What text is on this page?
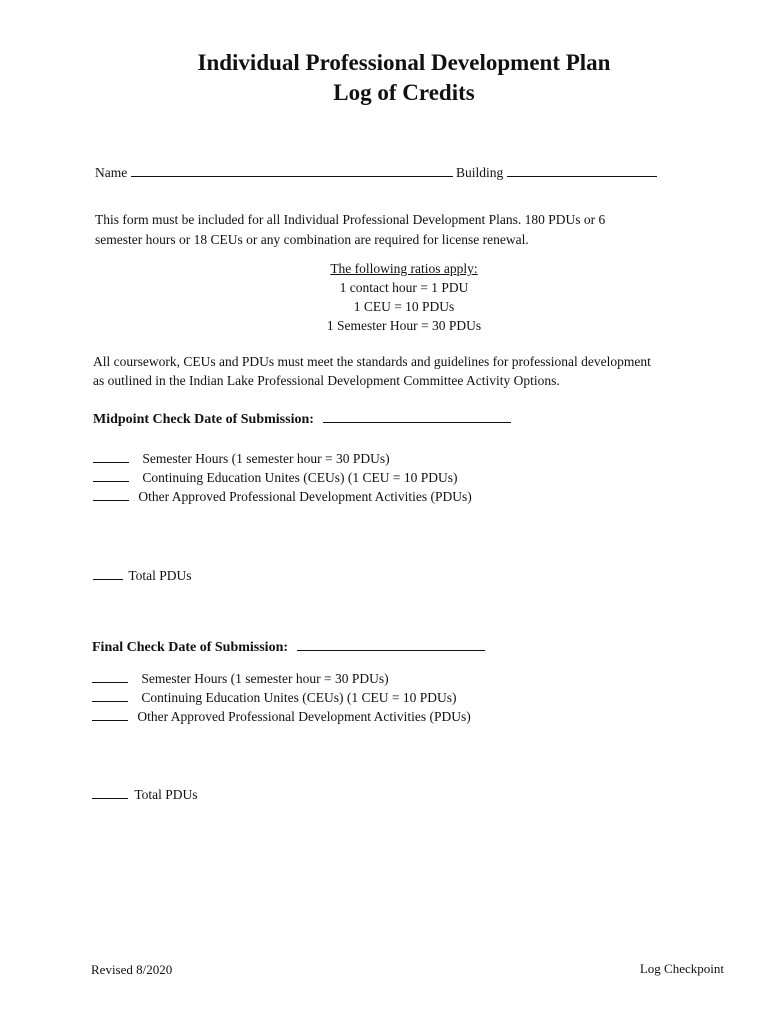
Individual Professional Development Plan
Log of Credits
Name	Building
This form must be included for all Individual Professional Development Plans. 180 PDUs or 6
semester hours or 18 CEUs or any combination are required for license renewal.
The following ratios apply:
1 contact hour = 1 PDU
1 CEU = 10 PDUs
1 Semester Hour = 30 PDUs
All coursework, CEUs and PDUs must meet the standards and guidelines for professional development
as outlined in the Indian Lake Professional Development Committee Activity Options.
Midpoint Check Date of Submission:
Semester Hours (1 semester hour = 30 PDUs)
Continuing Education Unites (CEUs) (1 CEU = 10 PDUs)
Other Approved Professional Development Activities (PDUs)
Total PDUs
Final Check Date of Submission:
Semester Hours (1 semester hour = 30 PDUs)
Continuing Education Unites (CEUs) (1 CEU = 10 PDUs)
Other Approved Professional Development Activities (PDUs)
Total PDUs
Revised 8/2020	Log Checkpoint
